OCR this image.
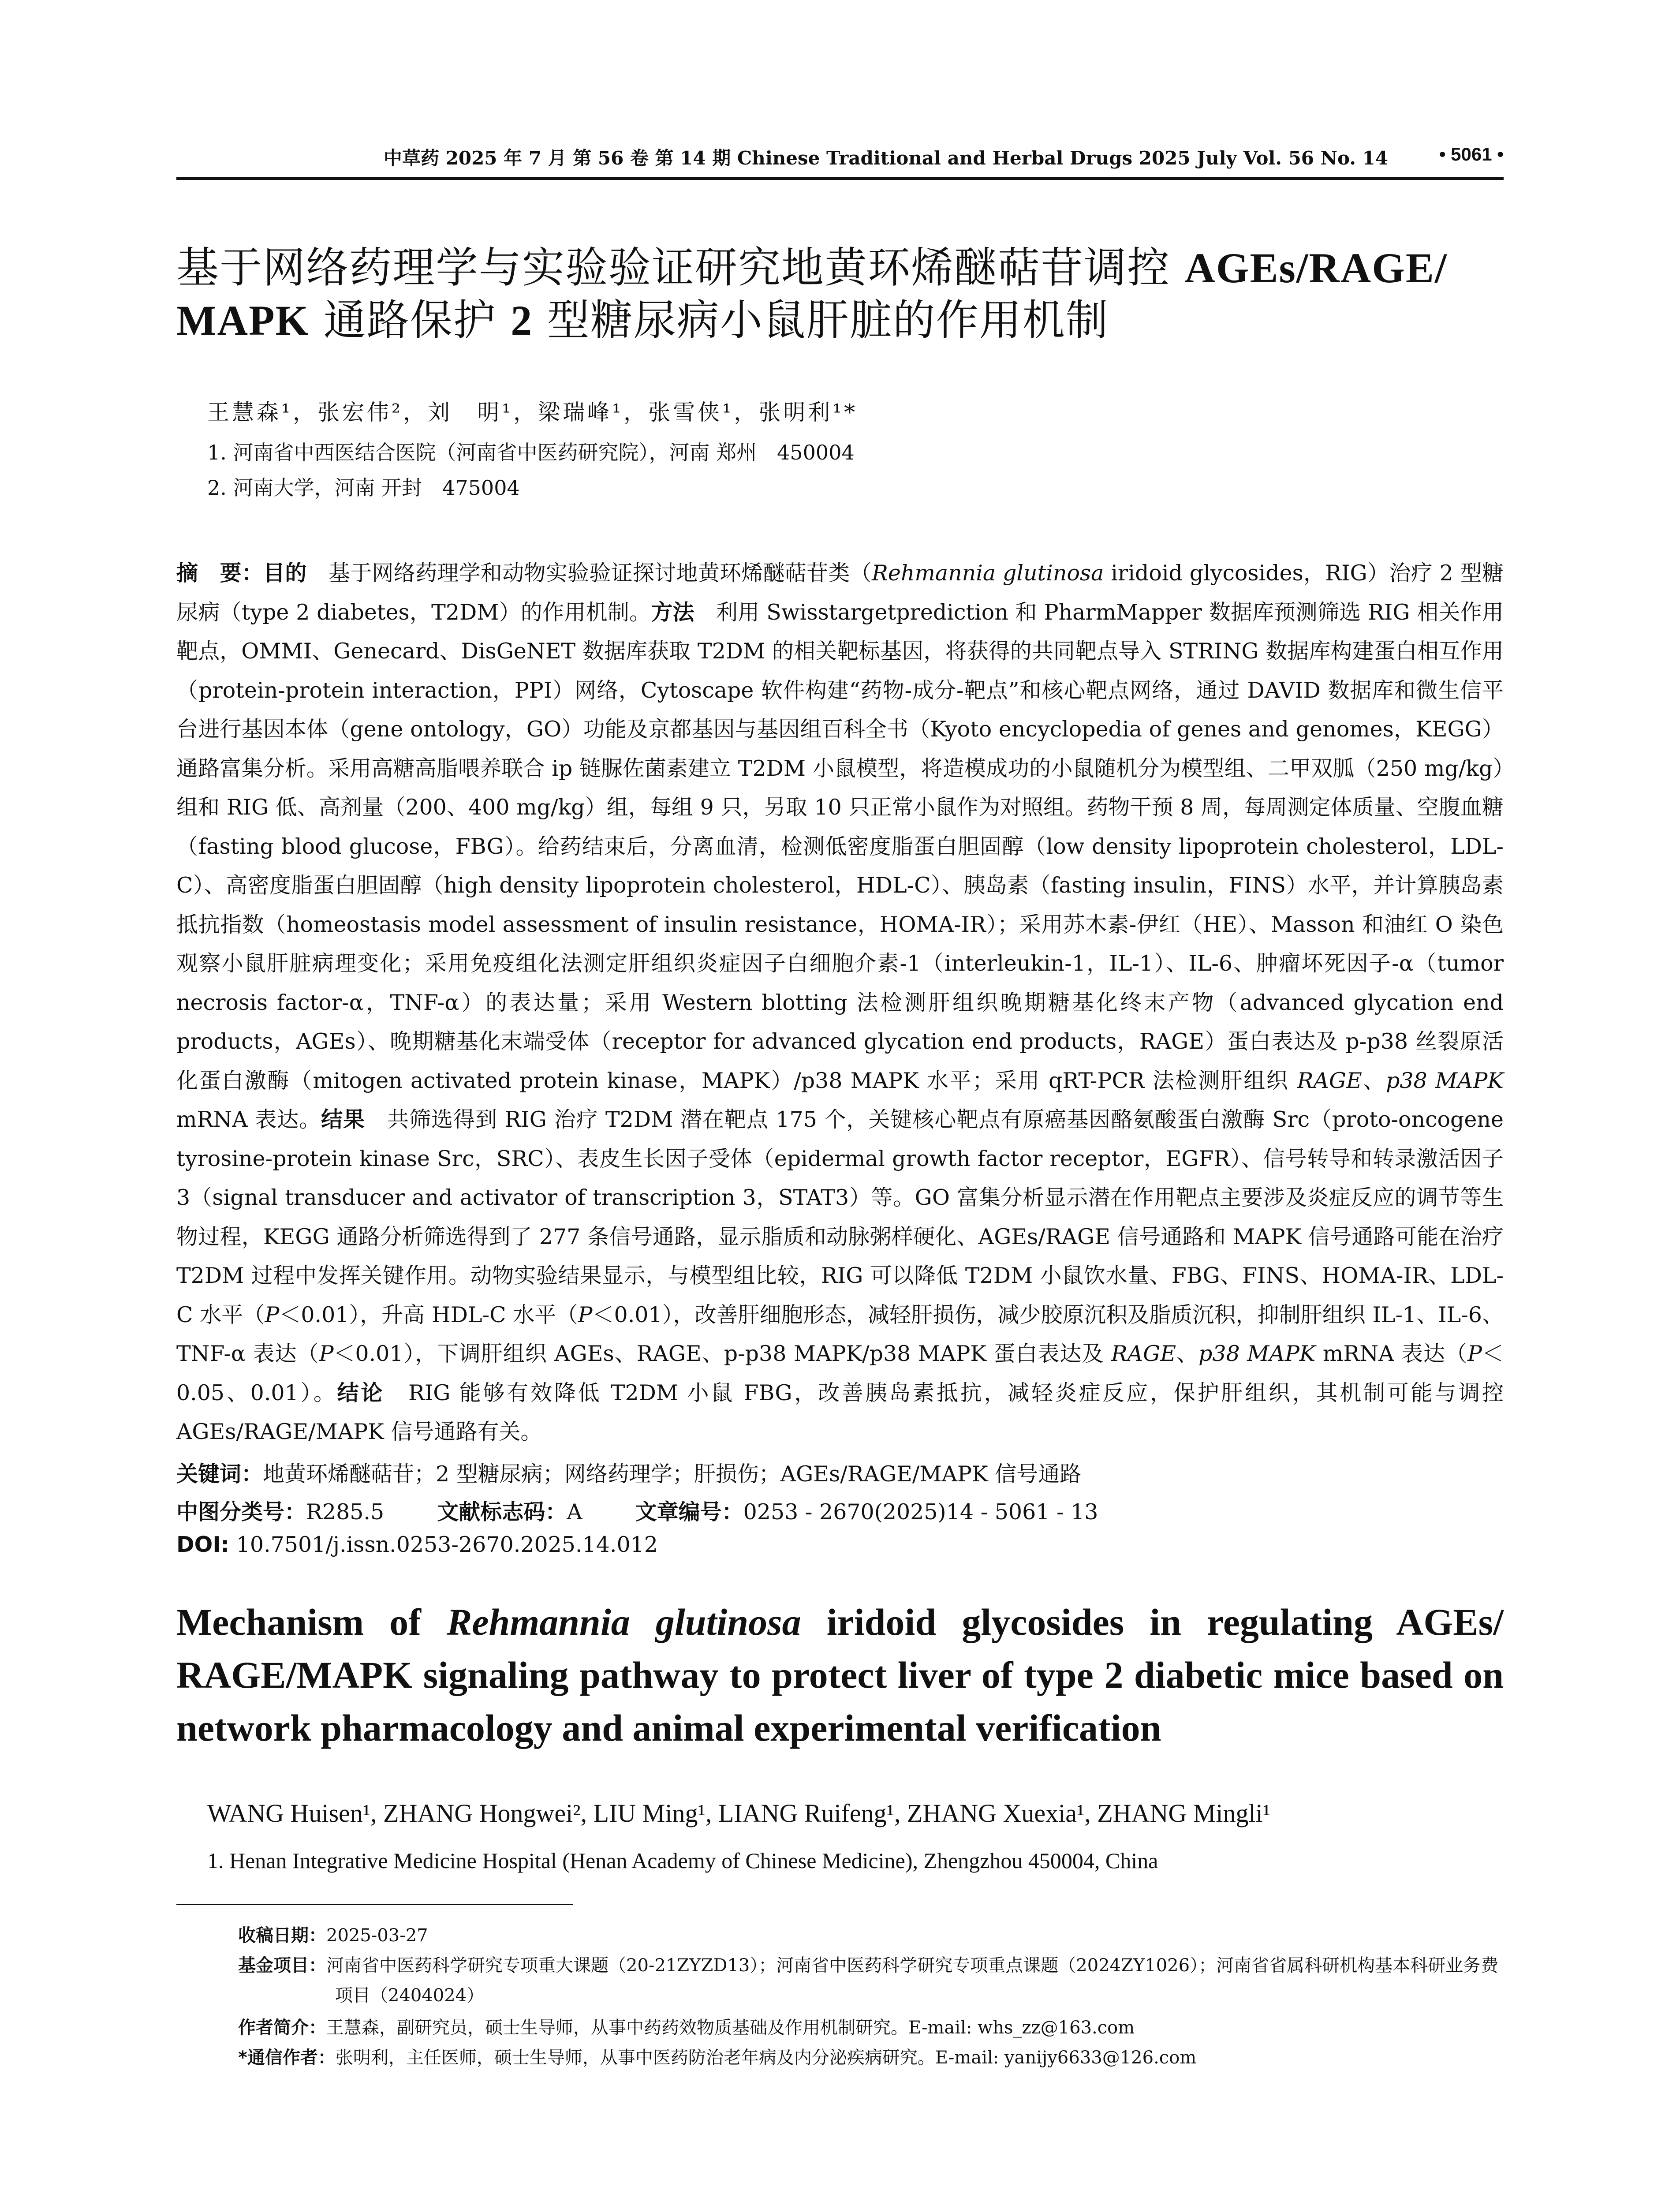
中草药 2025 年 7 月 第 56 卷 第 14 期 Chinese Traditional and Herbal Drugs 2025 July Vol. 56 No. 14	• 5061 •
基于网络药理学与实验验证研究地黄环烯醚萜苷调控 AGEs/RAGE/
MAPK 通路保护 2 型糖尿病小鼠肝脏的作用机制
王慧森¹，张宏伟²，刘　明¹，梁瑞峰¹，张雪侠¹，张明利¹*
1. 河南省中西医结合医院（河南省中医药研究院），河南 郑州　450004
2. 河南大学，河南 开封　475004
摘　要：目的　基于网络药理学和动物实验验证探讨地黄环烯醚萜苷类（Rehmannia glutinosa iridoid glycosides，RIG）治疗 2 型糖尿病（type 2 diabetes，T2DM）的作用机制。方法　利用 Swisstargetprediction 和 PharmMapper 数据库预测筛选 RIG 相关作用靶点，OMMI、Genecard、DisGeNET 数据库获取 T2DM 的相关靶标基因，将获得的共同靶点导入 STRING 数据库构建蛋白相互作用（protein-protein interaction，PPI）网络，Cytoscape 软件构建“药物-成分-靶点”和核心靶点网络，通过 DAVID 数据库和微生信平台进行基因本体（gene ontology，GO）功能及京都基因与基因组百科全书（Kyoto encyclopedia of genes and genomes，KEGG）通路富集分析。采用高糖高脂喂养联合 ip 链脲佐菌素建立 T2DM 小鼠模型，将造模成功的小鼠随机分为模型组、二甲双胍（250 mg/kg）组和 RIG 低、高剂量（200、400 mg/kg）组，每组 9 只，另取 10 只正常小鼠作为对照组。药物干预 8 周，每周测定体质量、空腹血糖（fasting blood glucose，FBG）。给药结束后，分离血清，检测低密度脂蛋白胆固醇（low density lipoprotein cholesterol，LDL-C）、高密度脂蛋白胆固醇（high density lipoprotein cholesterol，HDL-C）、胰岛素（fasting insulin，FINS）水平，并计算胰岛素抵抗指数（homeostasis model assessment of insulin resistance，HOMA-IR）；采用苏木素-伊红（HE）、Masson 和油红 O 染色观察小鼠肝脏病理变化；采用免疫组化法测定肝组织炎症因子白细胞介素-1（interleukin-1，IL-1）、IL-6、肿瘤坏死因子-α（tumor necrosis factor-α，TNF-α）的表达量；采用 Western blotting 法检测肝组织晚期糖基化终末产物（advanced glycation end products，AGEs）、晚期糖基化末端受体（receptor for advanced glycation end products，RAGE）蛋白表达及 p-p38 丝裂原活化蛋白激酶（mitogen activated protein kinase，MAPK）/p38 MAPK 水平；采用 qRT-PCR 法检测肝组织 RAGE、p38 MAPK mRNA 表达。结果　共筛选得到 RIG 治疗 T2DM 潜在靶点 175 个，关键核心靶点有原癌基因酪氨酸蛋白激酶 Src（proto-oncogene tyrosine-protein kinase Src，SRC）、表皮生长因子受体（epidermal growth factor receptor，EGFR）、信号转导和转录激活因子 3（signal transducer and activator of transcription 3，STAT3）等。GO 富集分析显示潜在作用靶点主要涉及炎症反应的调节等生物过程，KEGG 通路分析筛选得到了 277 条信号通路，显示脂质和动脉粥样硬化、AGEs/RAGE 信号通路和 MAPK 信号通路可能在治疗 T2DM 过程中发挥关键作用。动物实验结果显示，与模型组比较，RIG 可以降低 T2DM 小鼠饮水量、FBG、FINS、HOMA-IR、LDL-C 水平（P＜0.01），升高 HDL-C 水平（P＜0.01），改善肝细胞形态，减轻肝损伤，减少胶原沉积及脂质沉积，抑制肝组织 IL-1、IL-6、TNF-α 表达（P＜0.01），下调肝组织 AGEs、RAGE、p-p38 MAPK/p38 MAPK 蛋白表达及 RAGE、p38 MAPK mRNA 表达（P＜0.05、0.01）。结论　RIG 能够有效降低 T2DM 小鼠 FBG，改善胰岛素抵抗，减轻炎症反应，保护肝组织，其机制可能与调控 AGEs/RAGE/MAPK 信号通路有关。
关键词：地黄环烯醚萜苷；2 型糖尿病；网络药理学；肝损伤；AGEs/RAGE/MAPK 信号通路
中图分类号：R285.5 文献标志码：A 文章编号：0253 - 2670(2025)14 - 5061 - 13
DOI: 10.7501/j.issn.0253-2670.2025.14.012
Mechanism of Rehmannia glutinosa iridoid glycosides in regulating AGEs/ RAGE/MAPK signaling pathway to protect liver of type 2 diabetic mice based on network pharmacology and animal experimental verification
WANG Huisen¹, ZHANG Hongwei², LIU Ming¹, LIANG Ruifeng¹, ZHANG Xuexia¹, ZHANG Mingli¹
1. Henan Integrative Medicine Hospital (Henan Academy of Chinese Medicine), Zhengzhou 450004, China
收稿日期：2025-03-27
基金项目：河南省中医药科学研究专项重大课题（20-21ZYZD13）；河南省中医药科学研究专项重点课题（2024ZY1026）；河南省省属科研机构基本科研业务费项目（2404024）
作者简介：王慧森，副研究员，硕士生导师，从事中药药效物质基础及作用机制研究。E-mail: whs_zz@163.com
*通信作者：张明利，主任医师，硕士生导师，从事中医药防治老年病及内分泌疾病研究。E-mail: yanijy6633@126.com
